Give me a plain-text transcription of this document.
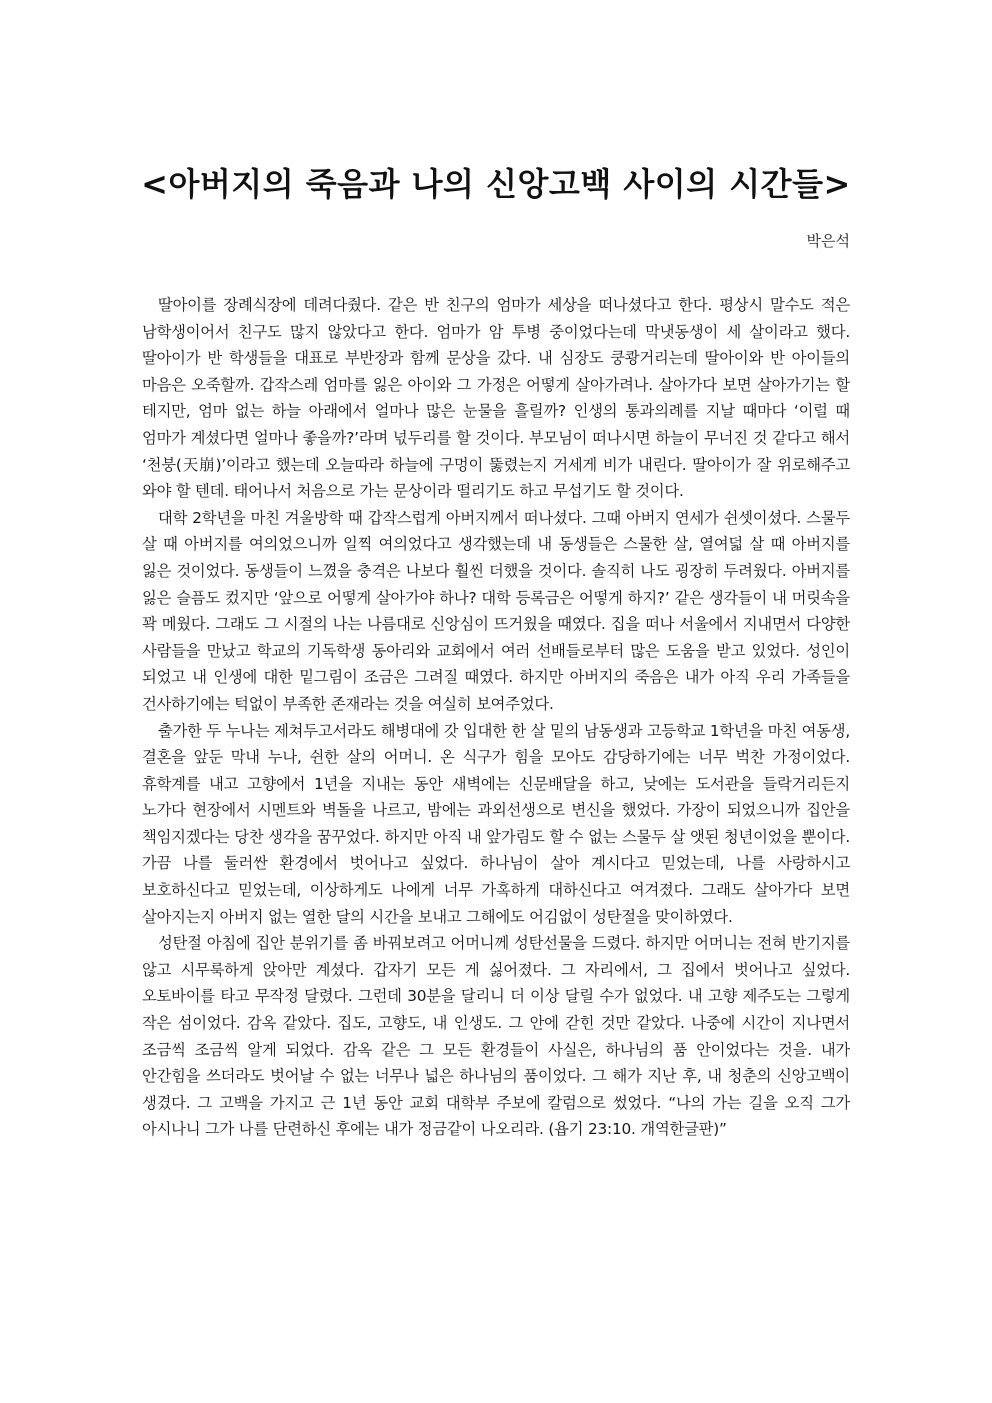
<아버지의 죽음과 나의 신앙고백 사이의 시간들>
박은석

딸아이를 장례식장에 데려다줬다. 같은 반 친구의 엄마가 세상을 떠나셨다고 한다. 평상시 말수도 적은 남학생이어서 친구도 많지 않았다고 한다. 엄마가 암 투병 중이었다는데 막냇동생이 세 살이라고 했다. 딸아이가 반 학생들을 대표로 부반장과 함께 문상을 갔다. 내 심장도 쿵쾅거리는데 딸아이와 반 아이들의 마음은 오죽할까. 갑작스레 엄마를 잃은 아이와 그 가정은 어떻게 살아가려나. 살아가다 보면 살아가기는 할 테지만, 엄마 없는 하늘 아래에서 얼마나 많은 눈물을 흘릴까? 인생의 통과의례를 지날 때마다 ‘이럴 때 엄마가 계셨다면 얼마나 좋을까?’라며 넋두리를 할 것이다. 부모님이 떠나시면 하늘이 무너진 것 같다고 해서 ‘천붕(天崩)’이라고 했는데 오늘따라 하늘에 구멍이 뚫렸는지 거세게 비가 내린다. 딸아이가 잘 위로해주고 와야 할 텐데. 태어나서 처음으로 가는 문상이라 떨리기도 하고 무섭기도 할 것이다.

대학 2학년을 마친 겨울방학 때 갑작스럽게 아버지께서 떠나셨다. 그때 아버지 연세가 쉰셋이셨다. 스물두 살 때 아버지를 여의었으니까 일찍 여의었다고 생각했는데 내 동생들은 스물한 살, 열여덟 살 때 아버지를 잃은 것이었다. 동생들이 느꼈을 충격은 나보다 훨씬 더했을 것이다. 솔직히 나도 굉장히 두려웠다. 아버지를 잃은 슬픔도 컸지만 ‘앞으로 어떻게 살아가야 하나? 대학 등록금은 어떻게 하지?’ 같은 생각들이 내 머릿속을 꽉 메웠다. 그래도 그 시절의 나는 나름대로 신앙심이 뜨거웠을 때였다. 집을 떠나 서울에서 지내면서 다양한 사람들을 만났고 학교의 기독학생 동아리와 교회에서 여러 선배들로부터 많은 도움을 받고 있었다. 성인이 되었고 내 인생에 대한 밑그림이 조금은 그려질 때였다. 하지만 아버지의 죽음은 내가 아직 우리 가족들을 건사하기에는 턱없이 부족한 존재라는 것을 여실히 보여주었다.

출가한 두 누나는 제쳐두고서라도 해병대에 갓 입대한 한 살 밑의 남동생과 고등학교 1학년을 마친 여동생, 결혼을 앞둔 막내 누나, 쉰한 살의 어머니. 온 식구가 힘을 모아도 감당하기에는 너무 벅찬 가정이었다. 휴학계를 내고 고향에서 1년을 지내는 동안 새벽에는 신문배달을 하고, 낮에는 도서관을 들락거리든지 노가다 현장에서 시멘트와 벽돌을 나르고, 밤에는 과외선생으로 변신을 했었다. 가장이 되었으니까 집안을 책임지겠다는 당찬 생각을 꿈꾸었다. 하지만 아직 내 앞가림도 할 수 없는 스물두 살 앳된 청년이었을 뿐이다. 가끔 나를 둘러싼 환경에서 벗어나고 싶었다. 하나님이 살아 계시다고 믿었는데, 나를 사랑하시고 보호하신다고 믿었는데, 이상하게도 나에게 너무 가혹하게 대하신다고 여겨졌다. 그래도 살아가다 보면 살아지는지 아버지 없는 열한 달의 시간을 보내고 그해에도 어김없이 성탄절을 맞이하였다.

성탄절 아침에 집안 분위기를 좀 바꿔보려고 어머니께 성탄선물을 드렸다. 하지만 어머니는 전혀 반기지를 않고 시무룩하게 앉아만 계셨다. 갑자기 모든 게 싫어졌다. 그 자리에서, 그 집에서 벗어나고 싶었다. 오토바이를 타고 무작정 달렸다. 그런데 30분을 달리니 더 이상 달릴 수가 없었다. 내 고향 제주도는 그렇게 작은 섬이었다. 감옥 같았다. 집도, 고향도, 내 인생도. 그 안에 갇힌 것만 같았다. 나중에 시간이 지나면서 조금씩 조금씩 알게 되었다. 감옥 같은 그 모든 환경들이 사실은, 하나님의 품 안이었다는 것을. 내가 안간힘을 쓰더라도 벗어날 수 없는 너무나 넓은 하나님의 품이었다. 그 해가 지난 후, 내 청춘의 신앙고백이 생겼다. 그 고백을 가지고 근 1년 동안 교회 대학부 주보에 칼럼으로 썼었다. “나의 가는 길을 오직 그가 아시나니 그가 나를 단련하신 후에는 내가 정금같이 나오리라. (욥기 23:10. 개역한글판)”
